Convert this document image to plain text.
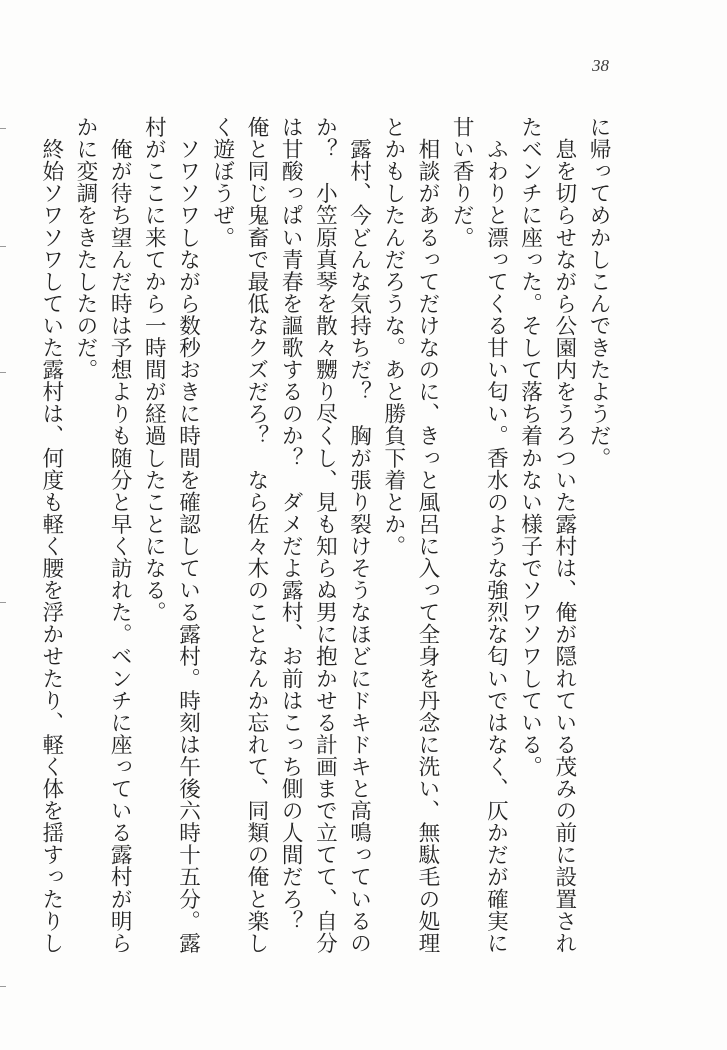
38

に帰ってめかしこんできたようだ。

　息を切らせながら公園内をうろついた露村は、俺が隠れている茂みの前に設置され

たベンチに座った。そして落ち着かない様子でソワソワしている。

　ふわりと漂ってくる甘い匂い。香水のような強烈な匂いではなく、仄かだが確実に

甘い香りだ。

　相談があるってだけなのに、きっと風呂に入って全身を丹念に洗い、無駄毛の処理

とかもしたんだろうな。あと勝負下着とか。

　露村、今どんな気持ちだ？　胸が張り裂けそうなほどにドキドキと高鳴っているの

か？　小笠原真琴を散々嬲り尽くし、見も知らぬ男に抱かせる計画まで立てて、自分

は甘酸っぱい青春を謳歌するのか？　ダメだよ露村、お前はこっち側の人間だろ？

俺と同じ鬼畜で最低なクズだろ？　なら佐々木のことなんか忘れて、同類の俺と楽し

く遊ぼうぜ。

　ソワソワしながら数秒おきに時間を確認している露村。時刻は午後六時十五分。露

村がここに来てから一時間が経過したことになる。

　俺が待ち望んだ時は予想よりも随分と早く訪れた。ベンチに座っている露村が明ら

かに変調をきたしたのだ。

　終始ソワソワしていた露村は、何度も軽く腰を浮かせたり、軽く体を揺すったりし
